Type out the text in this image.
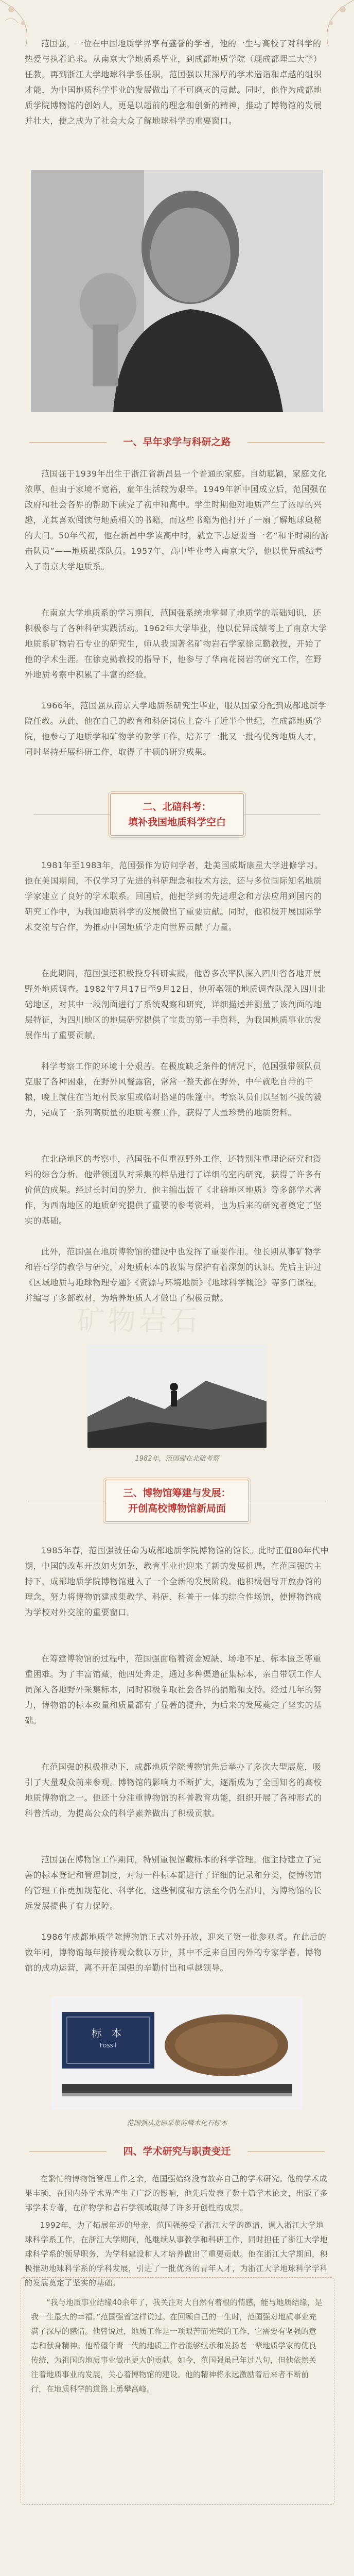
范国强，一位在中国地质学界享有盛誉的学者，他的一生与高校了对科学的热爱与执着追求。从南京大学地质系毕业，到成都地质学院（现成都理工大学）任教，再到浙江大学地球科学系任职，范国强以其深厚的学术造诣和卓越的组织才能，为中国地质科学事业的发展做出了不可磨灭的贡献。同时，他作为成都地质学院博物馆的创始人，更是以超前的理念和创新的精神，推动了博物馆的发展并壮大，使之成为了社会大众了解地球科学的重要窗口。

一、早年求学与科研之路

范国强于1939年出生于浙江省新昌县一个普通的家庭。自幼聪颖，家庭文化浓厚，但由于家境不宽裕，童年生活较为艰辛。1949年新中国成立后，范国强在政府和社会各界的帮助下读完了初中和高中。学生时期他对地质产生了浓厚的兴趣，尤其喜欢阅读与地质相关的书籍，而这些书籍为他打开了一扇了解地球奥秘的大门。50年代初，他在新昌中学读高中时，就立下志愿要当一名“和平时期的游击队员”——地质勘探队员。1957年，高中毕业考入南京大学，他以优异成绩考入了南京大学地质系。

在南京大学地质系的学习期间，范国强系统地掌握了地质学的基础知识，还积极参与了各种科研实践活动。1962年大学毕业，他以优异成绩考上了南京大学地质系矿物岩石专业的研究生，师从我国著名矿物岩石学家徐克勤教授，开始了他的学术生涯。在徐克勤教授的指导下，他参与了华南花岗岩的研究工作，在野外地质考察中积累了丰富的经验。

1966年，范国强从南京大学地质系研究生毕业，服从国家分配到成都地质学院任教。从此，他在自己的教育和科研岗位上奋斗了近半个世纪，在成都地质学院，他参与了地质学和矿物学的教学工作，培养了一批又一批的优秀地质人才，同时坚持开展科研工作，取得了丰硕的研究成果。

二、北碚科考：
填补我国地质科学空白

1981年至1983年，范国强作为访问学者，赴美国威斯康星大学进修学习。他在美国期间，不仅学习了先进的科研理念和技术方法，还与多位国际知名地质学家建立了良好的学术联系。回国后，他把学到的先进理念和方法应用到国内的研究工作中，为我国地质科学的发展做出了重要贡献。同时，他积极开展国际学术交流与合作，为推动中国地质学走向世界贡献了力量。

在此期间，范国强还积极投身科研实践，他曾多次率队深入四川省各地开展野外地质调查。1982年7月17日至9月12日，他所率领的地质调查队深入四川北碚地区，对其中一段剖面进行了系统观察和研究，详细描述并测量了该剖面的地层特征，为四川地区的地层研究提供了宝贵的第一手资料，为我国地质事业的发展作出了重要贡献。

科学考察工作的环境十分艰苦。在极度缺乏条件的情况下，范国强带领队员克服了各种困难，在野外风餐露宿，常常一整天都在野外，中午就吃自带的干粮，晚上就住在当地村民家里或临时搭建的帐篷中。考察队员们以坚韧不拔的毅力，完成了一系列高质量的地质考察工作，获得了大量珍贵的地质资料。

在北碚地区的考察中，范国强不但重视野外工作，还特别注重理论研究和资料的综合分析。他带领团队对采集的样品进行了详细的室内研究，获得了许多有价值的成果。经过长时间的努力，他主编出版了《北碚地区地质》等多部学术著作，为西南地区的地质研究提供了重要的参考资料，也为后来的研究者奠定了坚实的基础。

此外，范国强在地质博物馆的建设中也发挥了重要作用。他长期从事矿物学和岩石学的教学与研究，对地质标本的收集与保护有着深刻的认识。先后主讲过《区域地质与地球物理专题》《资源与环境地质》《地球科学概论》等多门课程，并编写了多部教材，为培养地质人才做出了积极贡献。

矿物岩石
1982年，范国强在北碚考察
三、博物馆筹建与发展：
开创高校博物馆新局面

1985年春，范国强被任命为成都地质学院博物馆的馆长。此时正值80年代中期，中国的改革开放如火如荼，教育事业也迎来了新的发展机遇。在范国强的主持下，成都地质学院博物馆进入了一个全新的发展阶段。他积极倡导开放办馆的理念，努力将博物馆建成集教学、科研、科普于一体的综合性场馆，使博物馆成为学校对外交流的重要窗口。

在筹建博物馆的过程中，范国强面临着资金短缺、场地不足、标本匮乏等重重困难。为了丰富馆藏，他四处奔走，通过多种渠道征集标本，亲自带领工作人员深入各地野外采集标本，同时积极争取社会各界的捐赠和支持。经过几年的努力，博物馆的标本数量和质量都有了显著的提升，为后来的发展奠定了坚实的基础。

在范国强的积极推动下，成都地质学院博物馆先后举办了多次大型展览，吸引了大量观众前来参观。博物馆的影响力不断扩大，逐渐成为了全国知名的高校地质博物馆之一。他还十分注重博物馆的科普教育功能，组织开展了各种形式的科普活动，为提高公众的科学素养做出了积极贡献。

范国强在博物馆工作期间，特别重视馆藏标本的科学管理。他主持建立了完善的标本登记和管理制度，对每一件标本都进行了详细的记录和分类，使博物馆的管理工作更加规范化、科学化。这些制度和方法至今仍在沿用，为博物馆的长远发展提供了有力保障。

1986年成都地质学院博物馆正式对外开放，迎来了第一批参观者。在此后的数年间，博物馆每年接待观众数以万计，其中不乏来自国内外的专家学者。博物馆的成功运营，离不开范国强的辛勤付出和卓越领导。

标 本
Fossil
范国强从北碚采集的鳞木化石标本
四、学术研究与职责变迁

在繁忙的博物馆管理工作之余，范国强始终没有放弃自己的学术研究。他的学术成果丰硕，在国内外学术界产生了广泛的影响，他先后发表了数十篇学术论文，出版了多部学术专著，在矿物学和岩石学领域取得了许多开创性的成果。

1992年，为了拓展年迈的母亲，范国强接受了浙江大学的邀请，调入浙江大学地球科学系工作，在浙江大学期间，他继续从事教学和科研工作，同时担任了浙江大学地球科学系的领导职务，为学科建设和人才培养做出了重要贡献。他在浙江大学期间，积极推动地球科学系的学科发展，引进了一批优秀的青年人才，为浙江大学地球科学学科的发展奠定了坚实的基础。

“我与地质事业结缘40余年了，我关注对大自然有着根的情感，能与地质结缘，是我一生最大的幸福。”范国强曾这样说过。在回顾自己的一生时，范国强对地质事业充满了深厚的感情。他曾说过，地质工作是一项艰苦而光荣的工作，它需要有坚强的意志和献身精神。他希望年青一代的地质工作者能够继承和发扬老一辈地质学家的优良传统，为祖国的地质事业做出更大的贡献。如今，范国强虽已年过八旬，但他依然关注着地质事业的发展，关心着博物馆的建设。他的精神将永远激励着后来者不断前行，在地质科学的道路上勇攀高峰。
